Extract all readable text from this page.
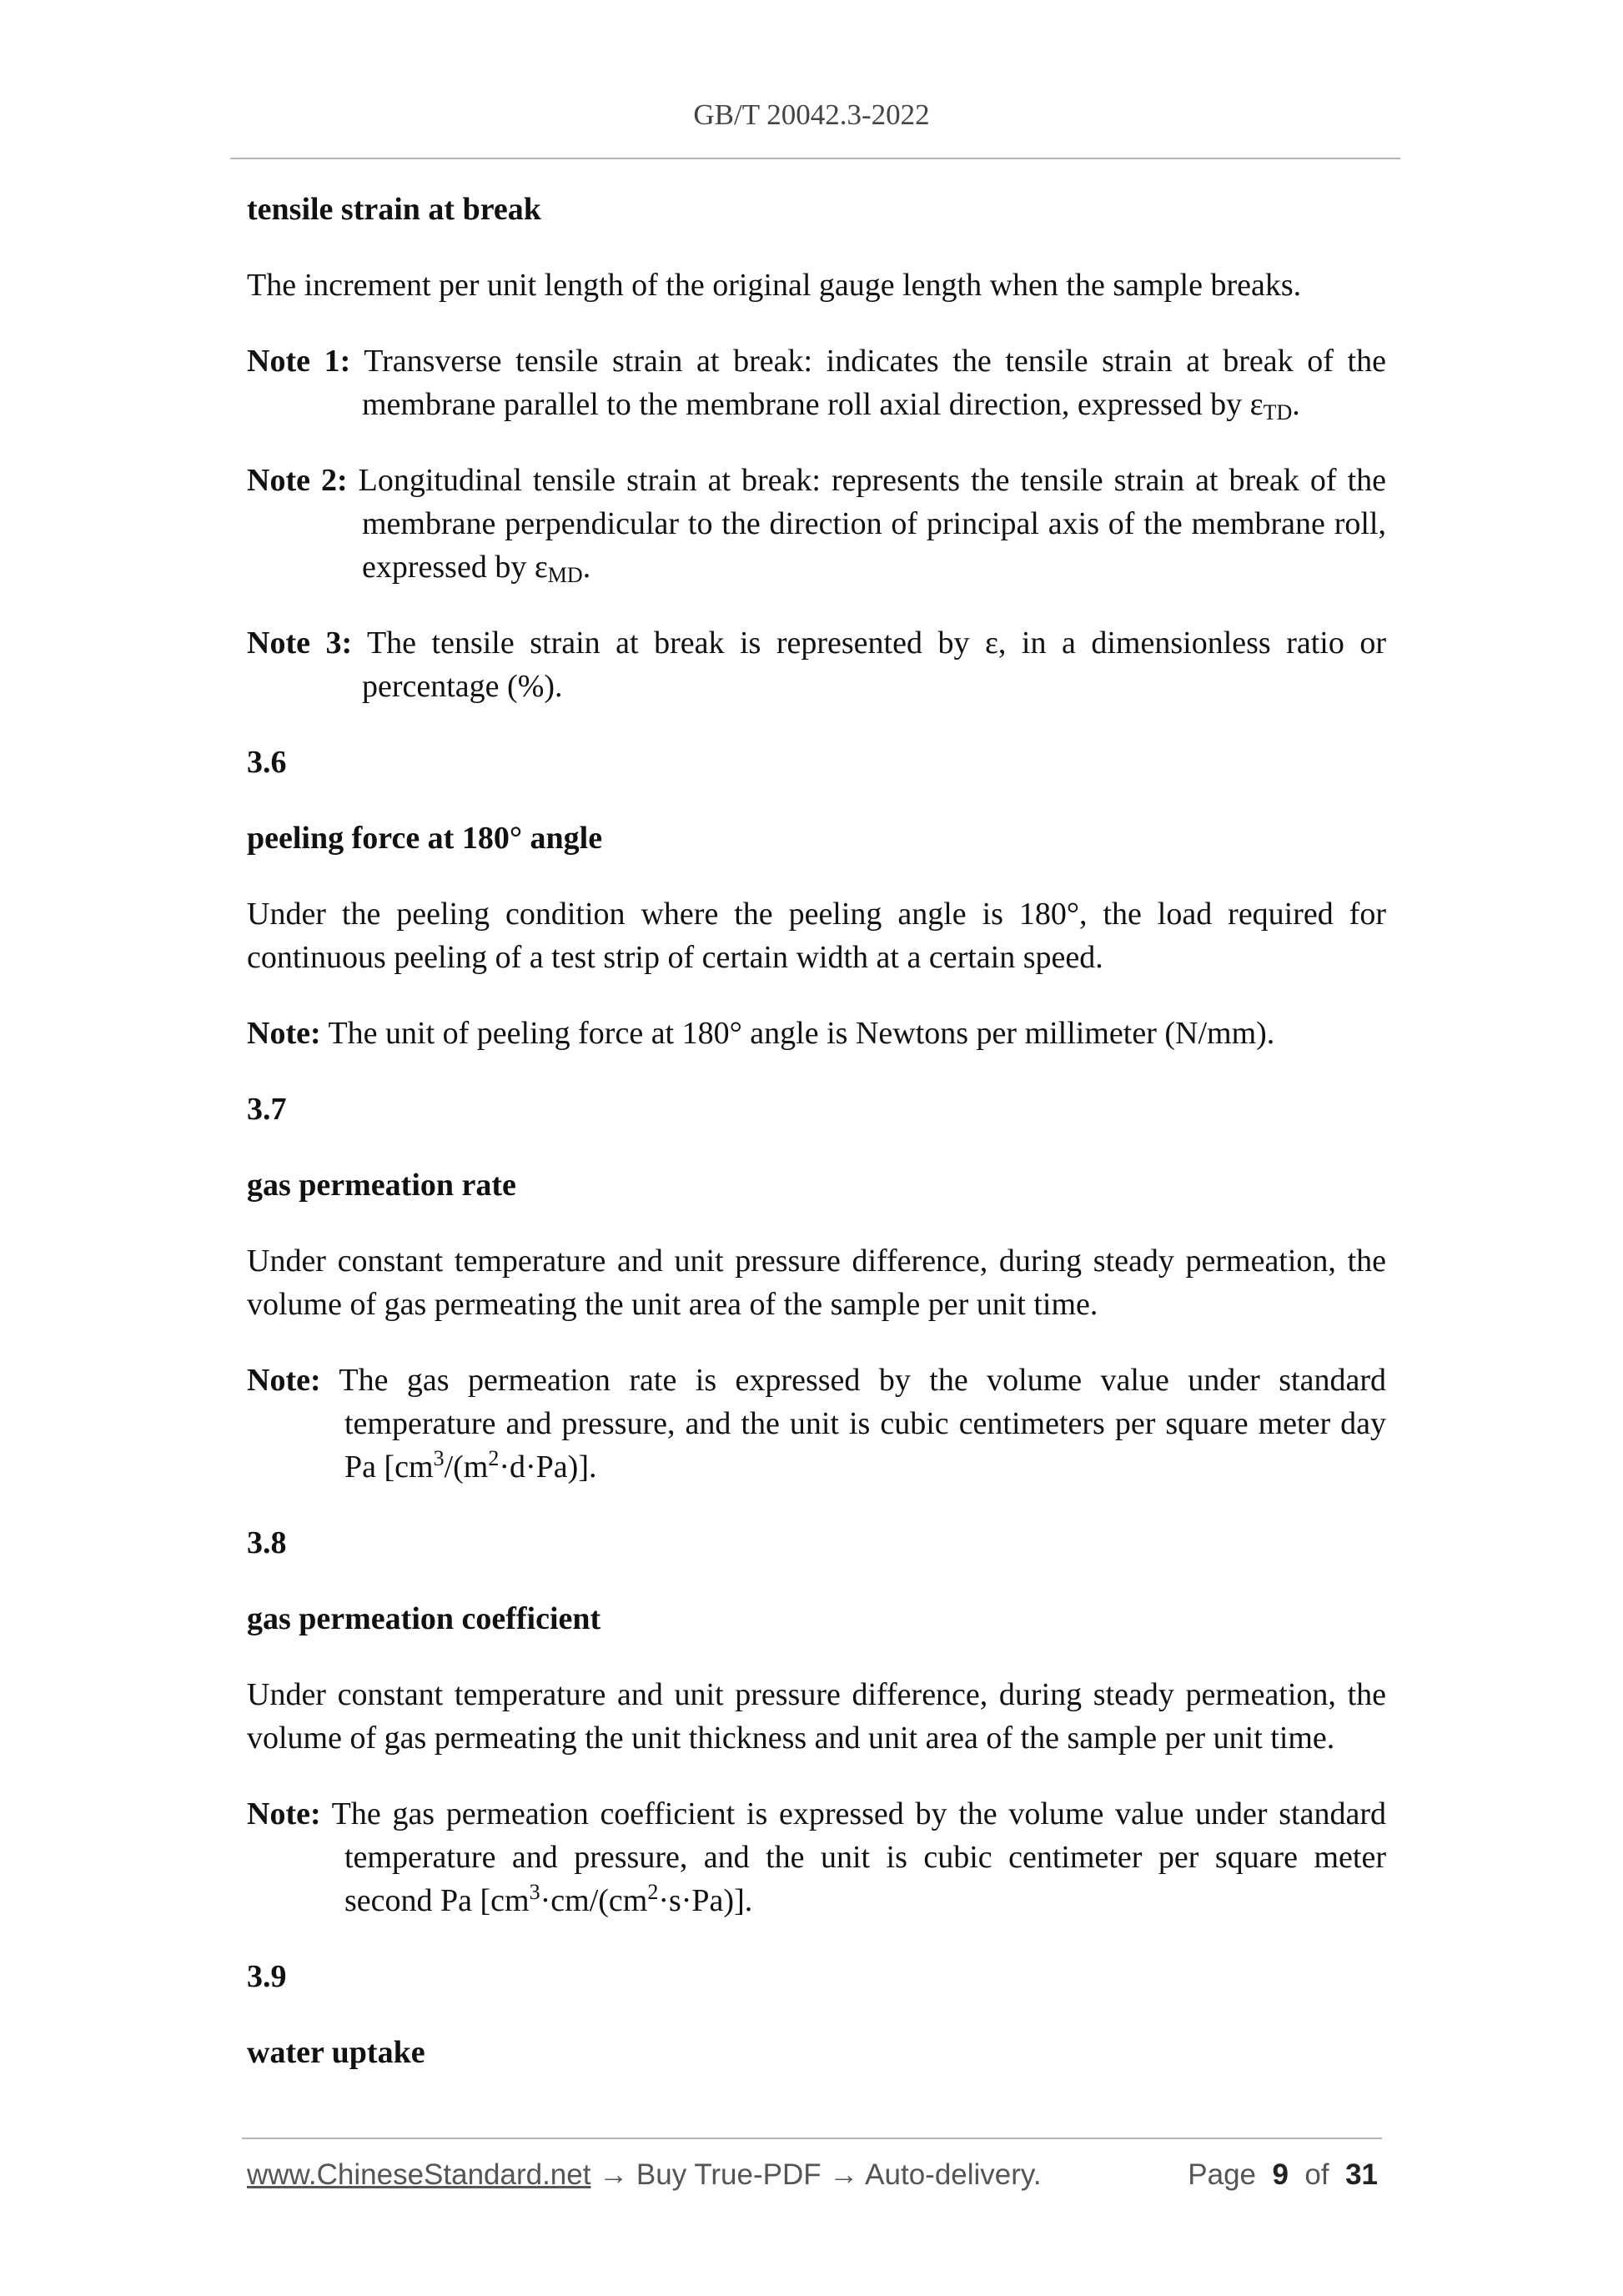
GB/T 20042.3-2022
tensile strain at break
The increment per unit length of the original gauge length when the sample breaks.
Note 1: Transverse tensile strain at break: indicates the tensile strain at break of the membrane parallel to the membrane roll axial direction, expressed by $\varepsilon_{TD}$.
Note 2: Longitudinal tensile strain at break: represents the tensile strain at break of the membrane perpendicular to the direction of principal axis of the membrane roll, expressed by $\varepsilon_{MD}$.
Note 3: The tensile strain at break is represented by ε, in a dimensionless ratio or percentage (%).
3.6
peeling force at 180° angle
Under the peeling condition where the peeling angle is 180°, the load required for continuous peeling of a test strip of certain width at a certain speed.
Note: The unit of peeling force at 180° angle is Newtons per millimeter (N/mm).
3.7
gas permeation rate
Under constant temperature and unit pressure difference, during steady permeation, the volume of gas permeating the unit area of the sample per unit time.
Note: The gas permeation rate is expressed by the volume value under standard temperature and pressure, and the unit is cubic centimeters per square meter day Pa $[cm^3/(m^2\cdot d\cdot Pa)]$.
3.8
gas permeation coefficient
Under constant temperature and unit pressure difference, during steady permeation, the volume of gas permeating the unit thickness and unit area of the sample per unit time.
Note: The gas permeation coefficient is expressed by the volume value under standard temperature and pressure, and the unit is cubic centimeter per square meter second Pa $[cm^3\cdot cm/(cm^2\cdot s\cdot Pa)]$.
3.9
water uptake
www.ChineseStandard.net → Buy True-PDF → Auto-delivery.	Page 9 of 31
